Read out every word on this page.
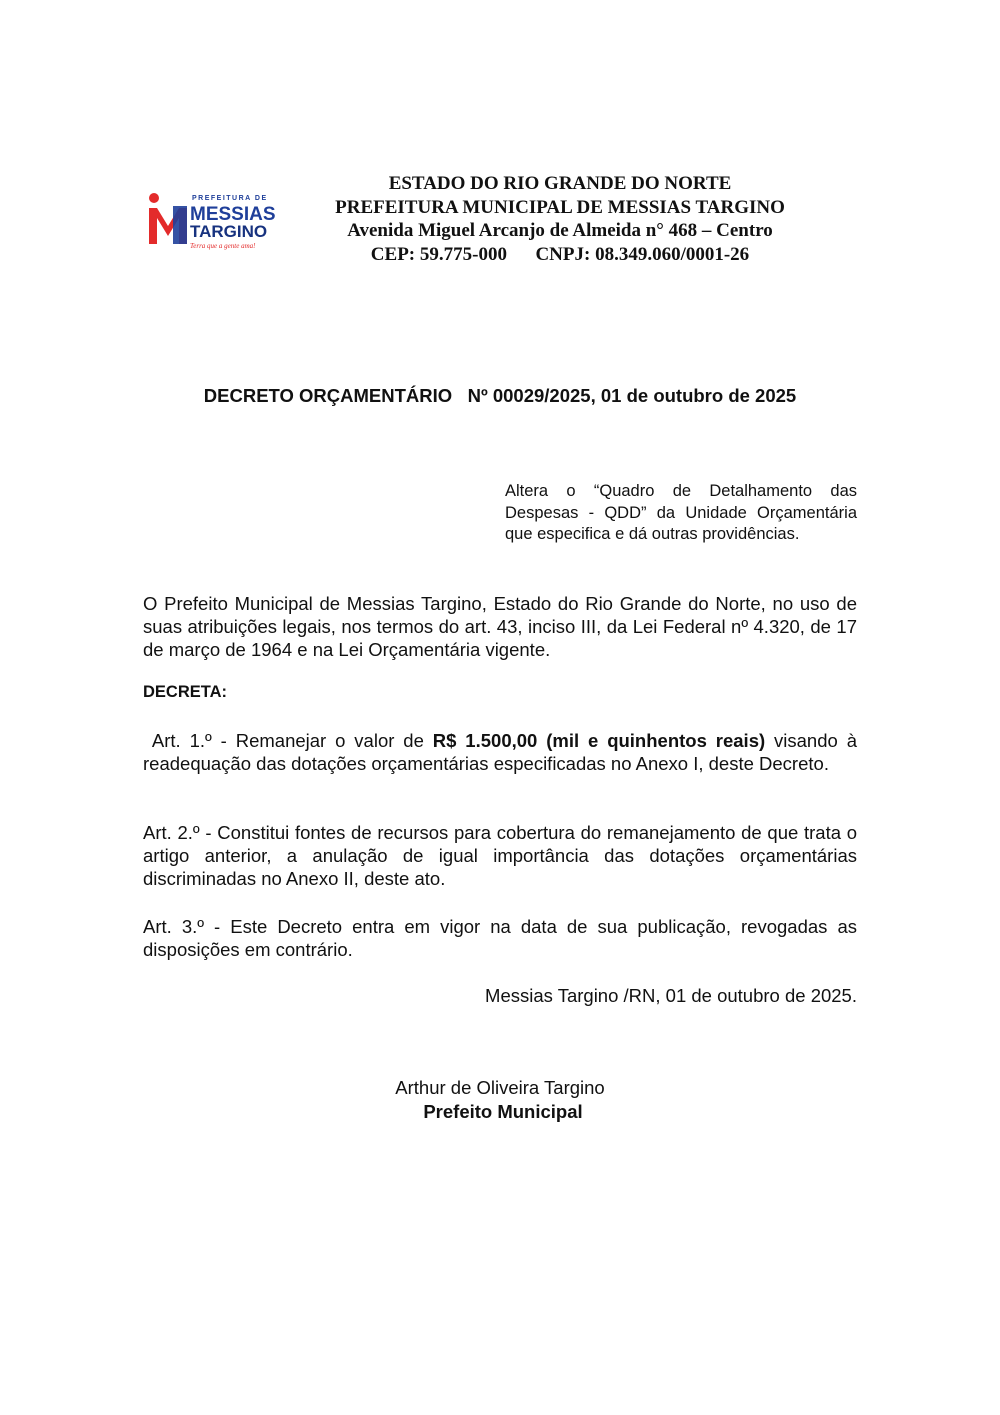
PREFEITURA DE
MESSIAS
TARGINO
Terra que a gente ama!
ESTADO DO RIO GRANDE DO NORTE
PREFEITURA MUNICIPAL DE MESSIAS TARGINO
Avenida Miguel Arcanjo de Almeida n° 468 – Centro
CEP: 59.775-000 CNPJ: 08.349.060/0001-26
DECRETO ORÇAMENTÁRIO Nº 00029/2025, 01 de outubro de 2025
Altera o “Quadro de Detalhamento das Despesas - QDD” da Unidade Orçamentária que especifica e dá outras providências.

O Prefeito Municipal de Messias Targino, Estado do Rio Grande do Norte, no uso de suas atribuições legais, nos termos do art. 43, inciso III, da Lei Federal nº 4.320, de 17 de março de 1964 e na Lei Orçamentária vigente.

DECRETA:

Art. 1.º - Remanejar o valor de R$ 1.500,00 (mil e quinhentos reais) visando à readequação das dotações orçamentárias especificadas no Anexo I, deste Decreto.

Art. 2.º - Constitui fontes de recursos para cobertura do remanejamento de que trata o artigo anterior, a anulação de igual importância das dotações orçamentárias discriminadas no Anexo II, deste ato.

Art. 3.º - Este Decreto entra em vigor na data de sua publicação, revogadas as disposições em contrário.

Messias Targino /RN, 01 de outubro de 2025.
Arthur de Oliveira Targino
Prefeito Municipal
